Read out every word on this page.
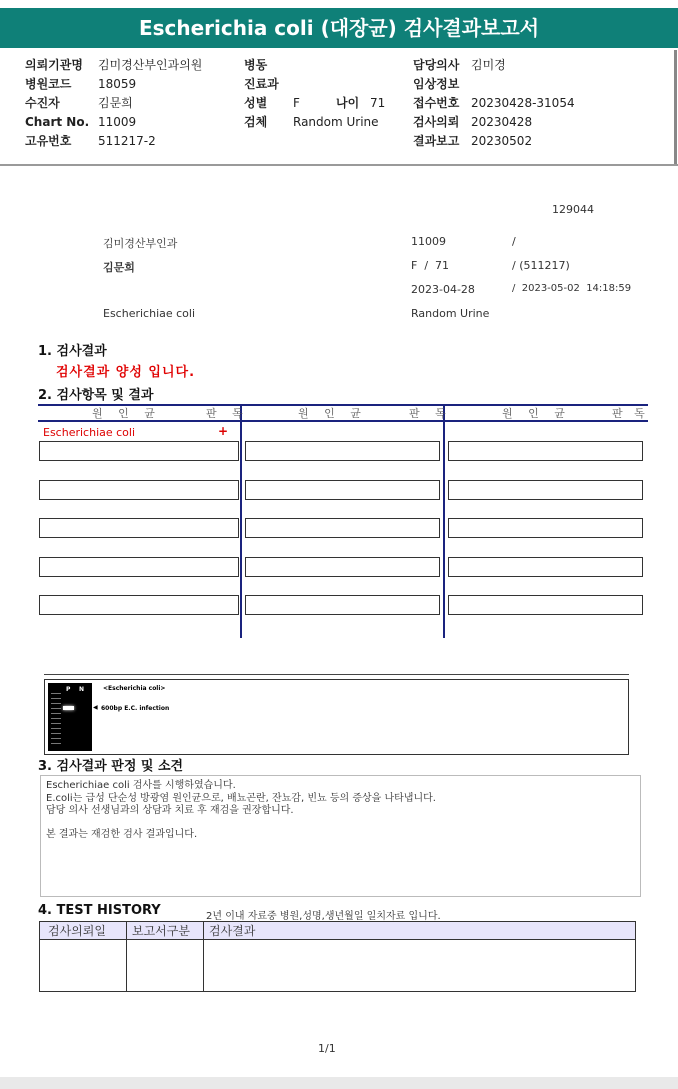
Escherichia coli (대장균) 검사결과보고서
의뢰기관명 김미경산부인과의원
병원코드 18059
수진자	김문희
Chart No. 11009
고유번호 511217-2
병동
진료과
성별 F	나이 71
검체 Random Urine
담당의사 김미경
임상정보
접수번호 20230428-31054
검사의뢰 20230428
결과보고 20230502
129044
김미경산부인과	11009	/
김문희	F  /  71	/ (511217)
2023-04-28	/  2023-05-02  14:18:59
Escherichiae coli	Random Urine
1. 검사결과
검사결과 양성 입니다.
2. 검사항목 및 결과
원 인 균	판 독	원 인 균	판 독	원 인 균	판 독
Escherichiae coli	+
P N	<Escherichia coli>
◀ 600bp E.C. infection
3. 검사결과 판정 및 소견
Escherichiae coli 검사를 시행하였습니다.
E.coli는 급성 단순성 방광염 원인균으로, 배뇨곤란, 잔뇨감, 빈뇨 등의 증상을 나타냅니다.
담당 의사 선생님과의 상담과 치료 후 재검을 권장합니다.
본 결과는 재검한 검사 결과입니다.
4. TEST HISTORY	2년 이내 자료중 병원,성명,생년월일 일치자료 입니다.
검사의뢰일 보고서구분 검사결과
1/1
